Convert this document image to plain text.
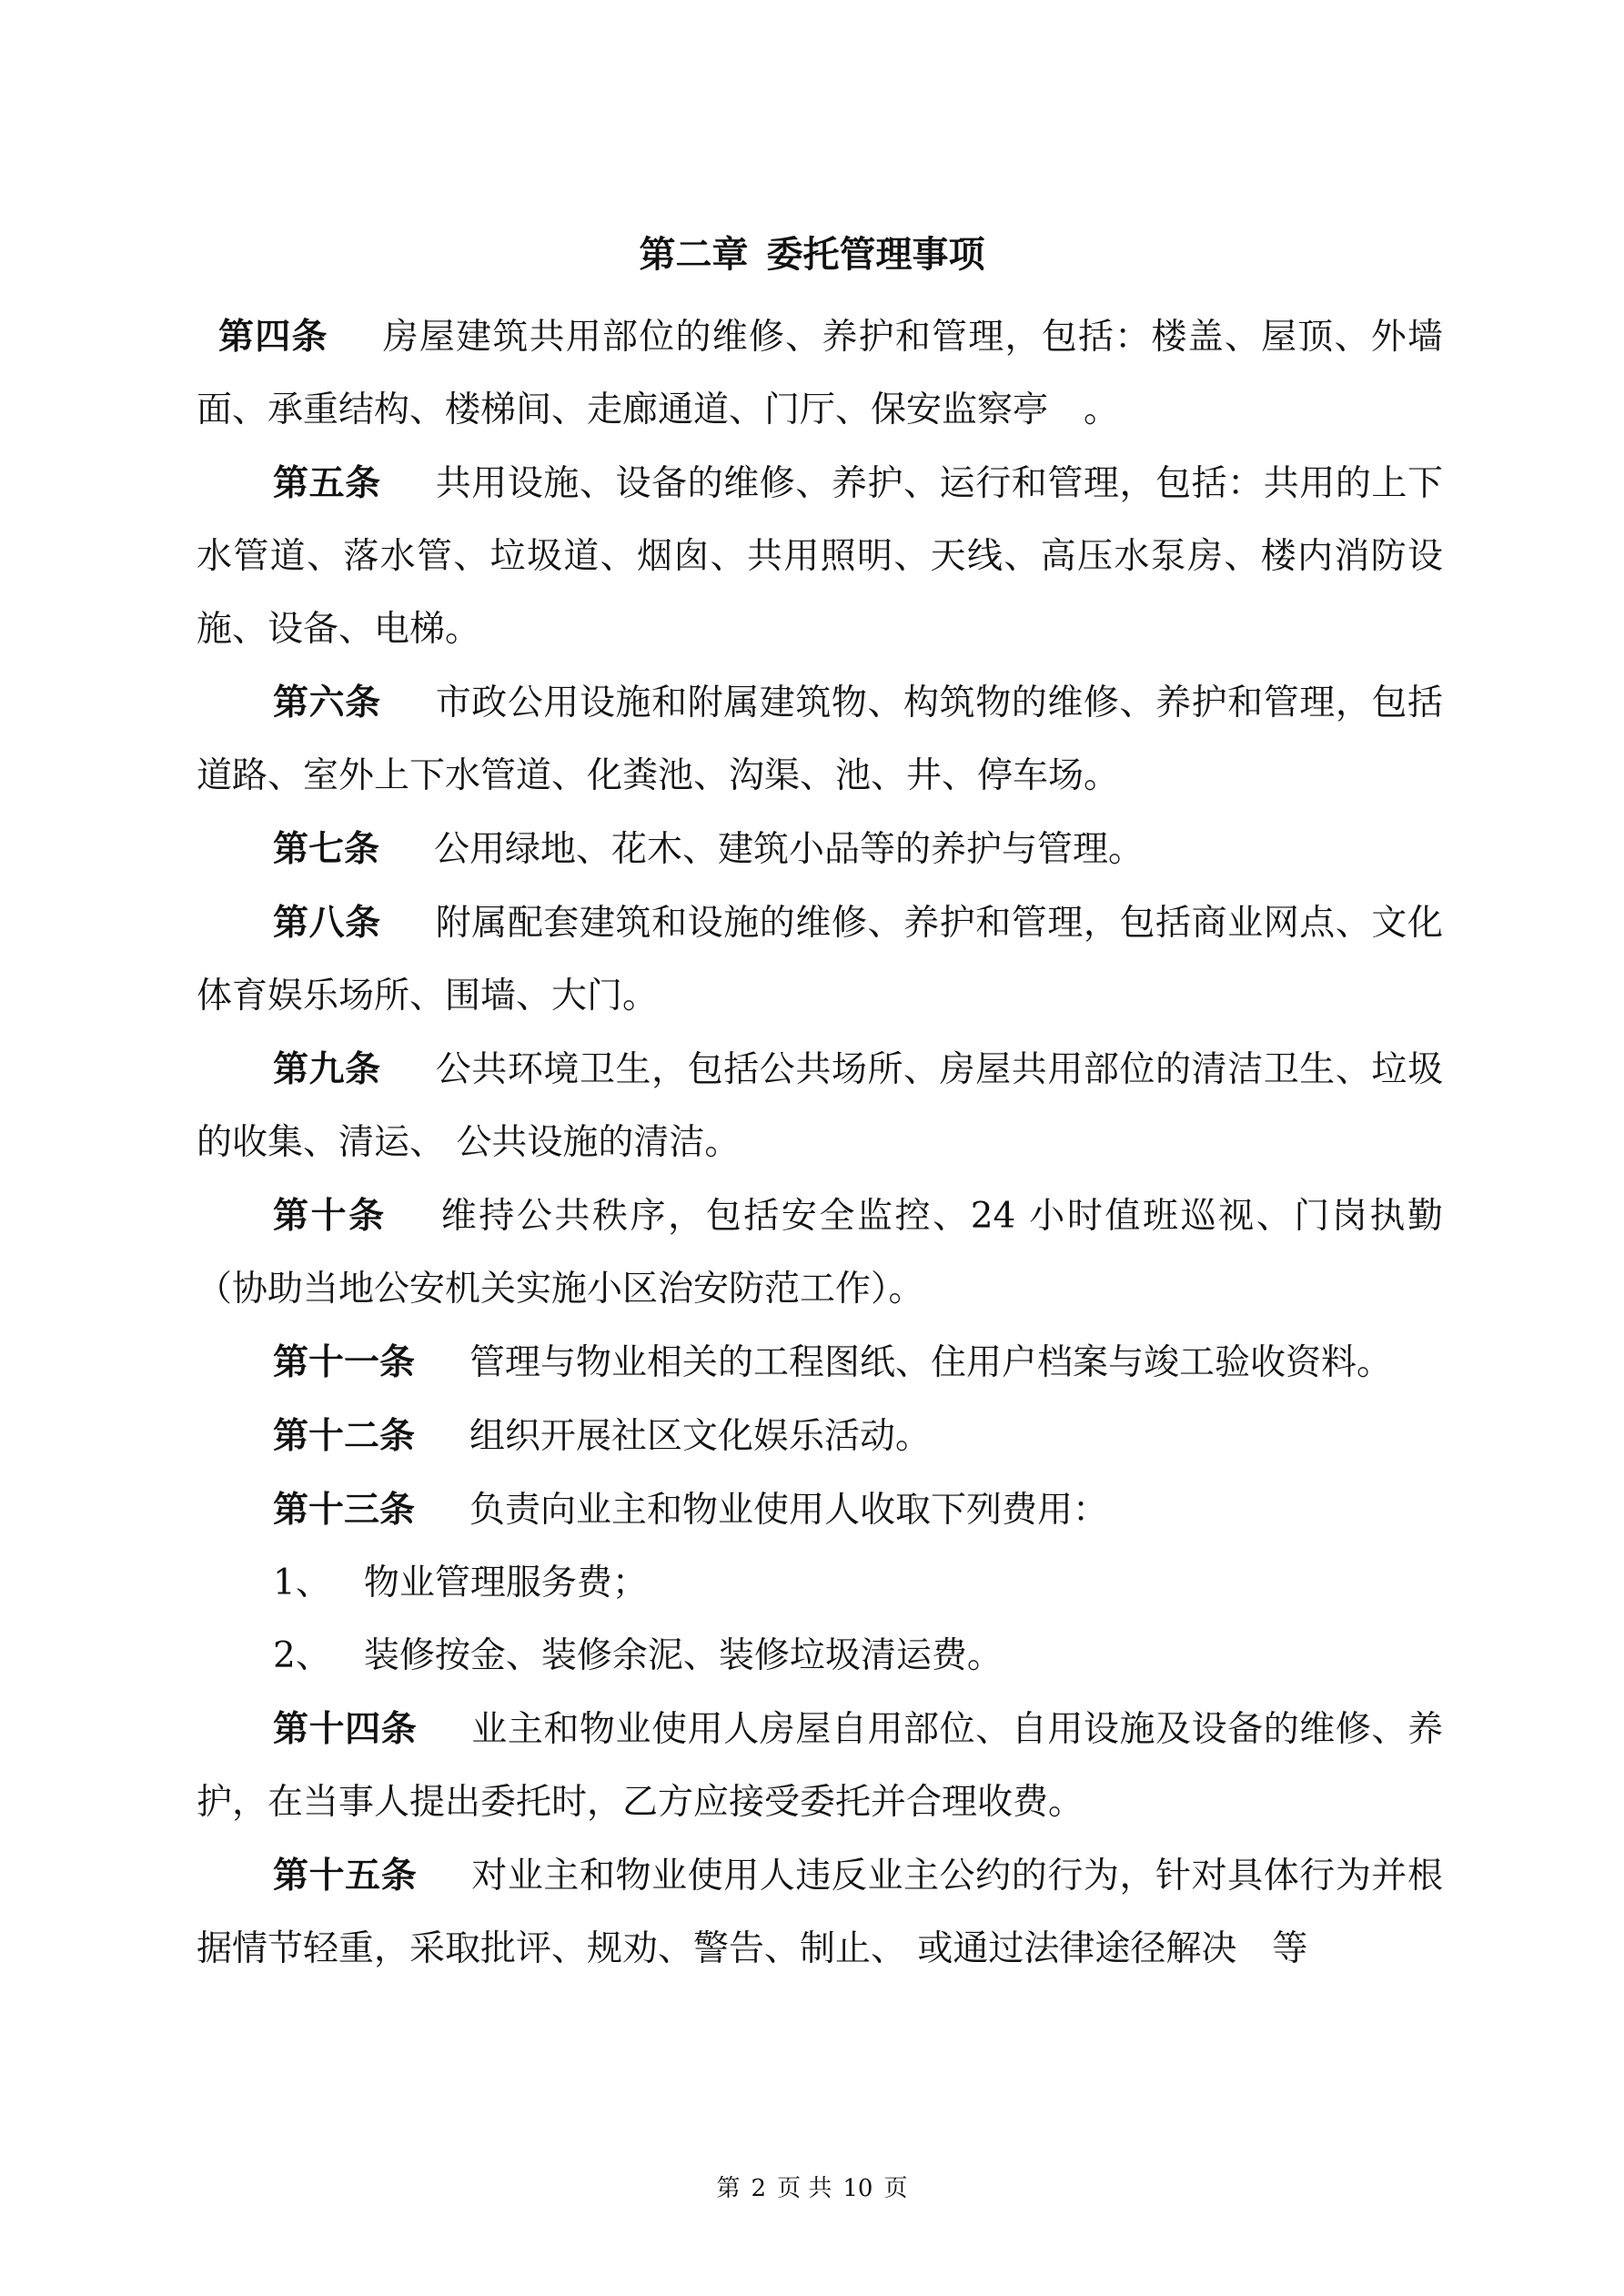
第二章 委托管理事项

第四条 房屋建筑共用部位的维修、养护和管理，包括：楼盖、屋顶、外墙面、承重结构、楼梯间、走廊通道、门厅、保安监察亭　。

第五条 共用设施、设备的维修、养护、运行和管理，包括：共用的上下水管道、落水管、垃圾道、烟囱、共用照明、天线、高压水泵房、楼内消防设施、设备、电梯。

第六条 市政公用设施和附属建筑物、构筑物的维修、养护和管理，包括道路、室外上下水管道、化粪池、沟渠、池、井、停车场。

第七条 公用绿地、花木、建筑小品等的养护与管理。

第八条 附属配套建筑和设施的维修、养护和管理，包括商业网点、文化体育娱乐场所、围墙、大门。

第九条 公共环境卫生，包括公共场所、房屋共用部位的清洁卫生、垃圾的收集、清运、 公共设施的清洁。

第十条 维持公共秩序，包括安全监控、24 小时值班巡视、门岗执勤（协助当地公安机关实施小区治安防范工作）。

第十一条 管理与物业相关的工程图纸、住用户档案与竣工验收资料。

第十二条 组织开展社区文化娱乐活动。

第十三条 负责向业主和物业使用人收取下列费用：

1、 物业管理服务费；

2、 装修按金、装修余泥、装修垃圾清运费。

第十四条 业主和物业使用人房屋自用部位、自用设施及设备的维修、养护，在当事人提出委托时，乙方应接受委托并合理收费。

第十五条 对业主和物业使用人违反业主公约的行为，针对具体行为并根据情节轻重，采取批评、规劝、警告、制止、 或通过法律途径解决　等

第 2 页 共 10 页
